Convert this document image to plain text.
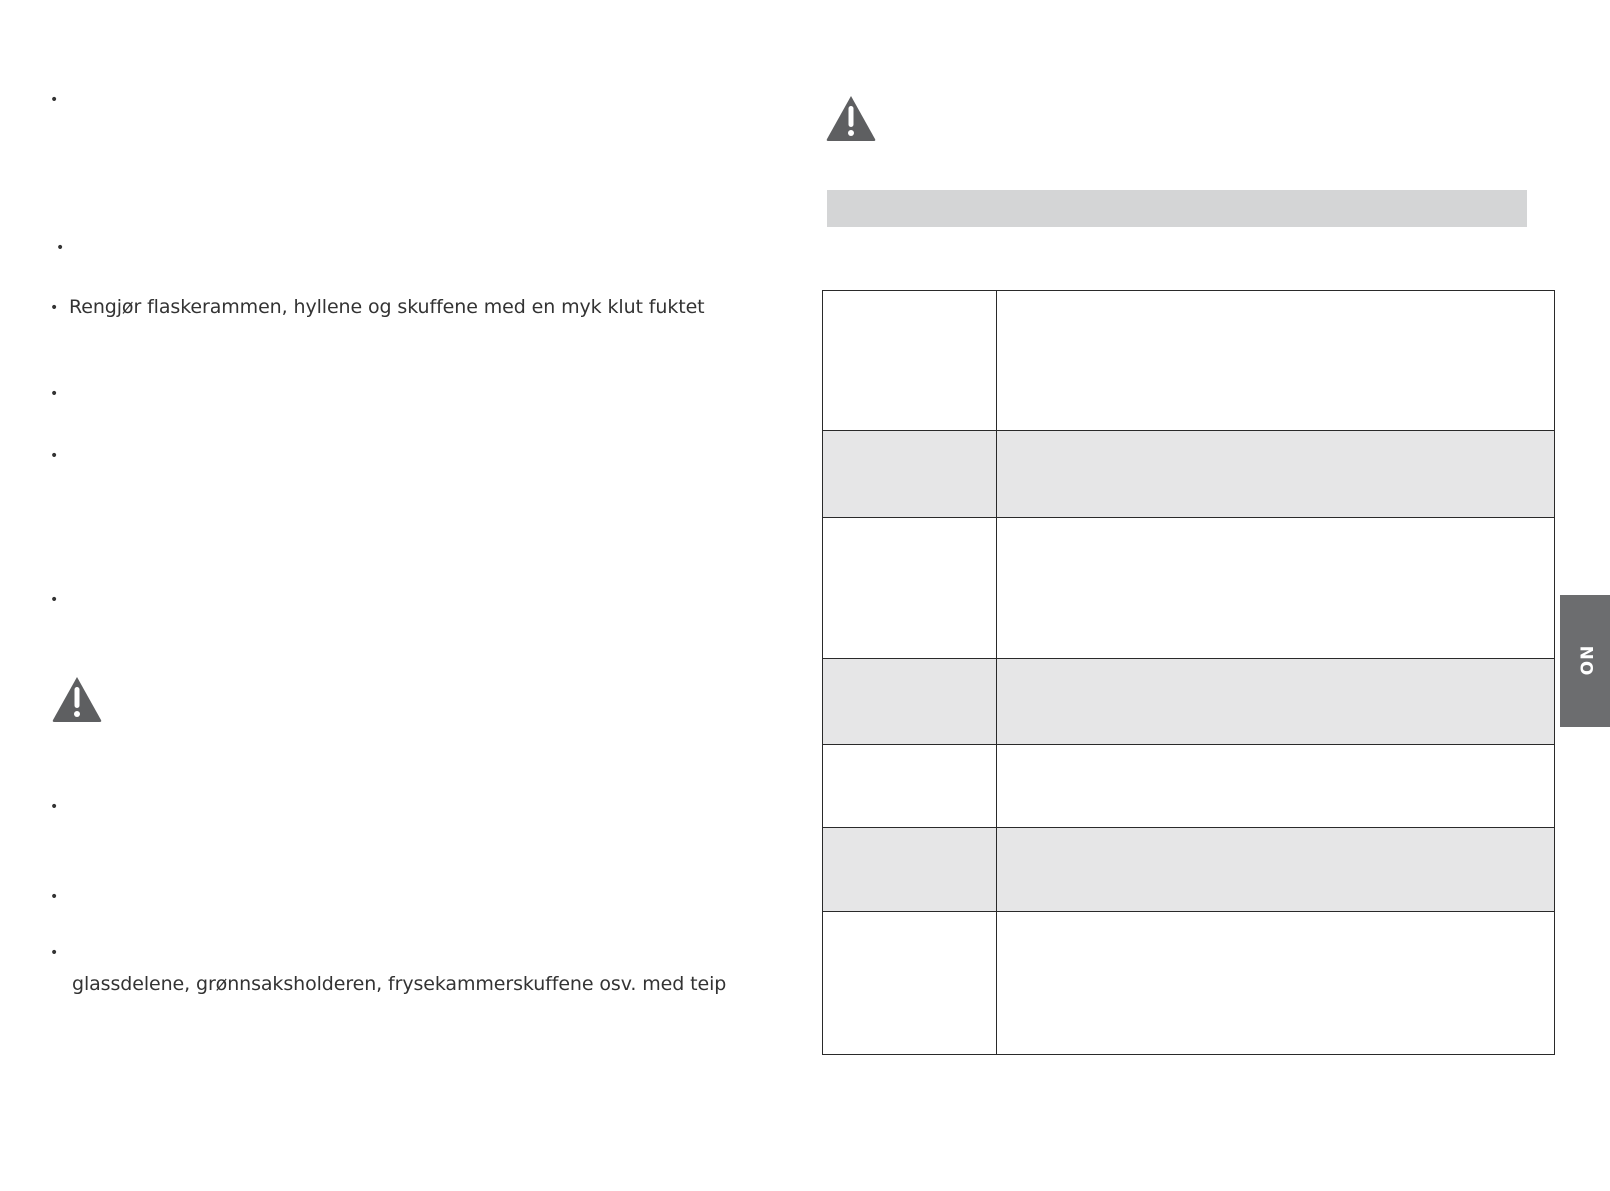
•
•
• Rengjør flaskerammen, hyllene og skuffene med en myk klut fuktet
•
•
•
•
•
•
glassdelene, grønnsaksholderen, frysekammerskuffene osv. med teip

NO
